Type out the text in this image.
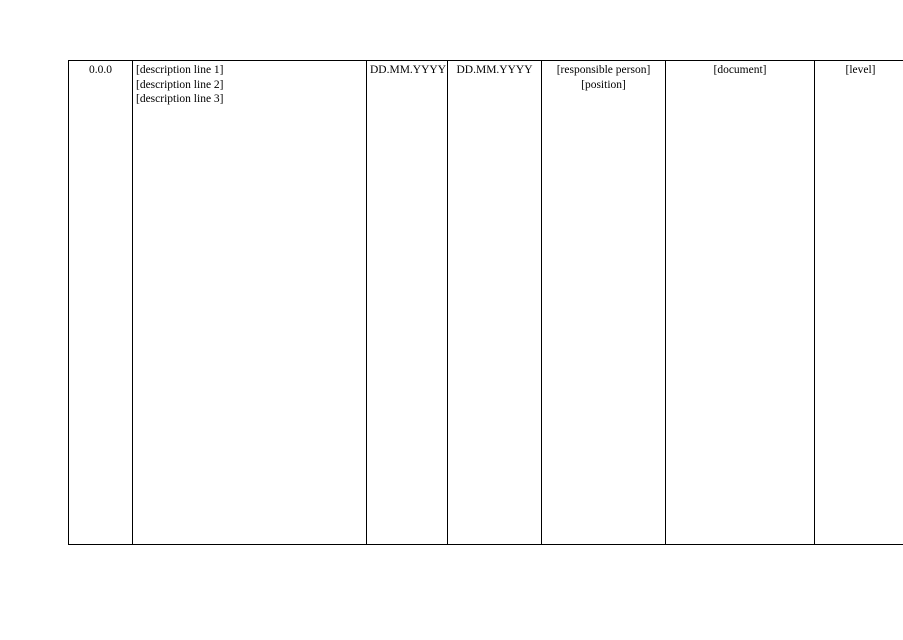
0.0.0	[description line 1]
[description line 2]
[description line 3]
	DD.MM.YYYY	DD.MM.YYYY	[responsible person]
[position]
	[document]	[level]
